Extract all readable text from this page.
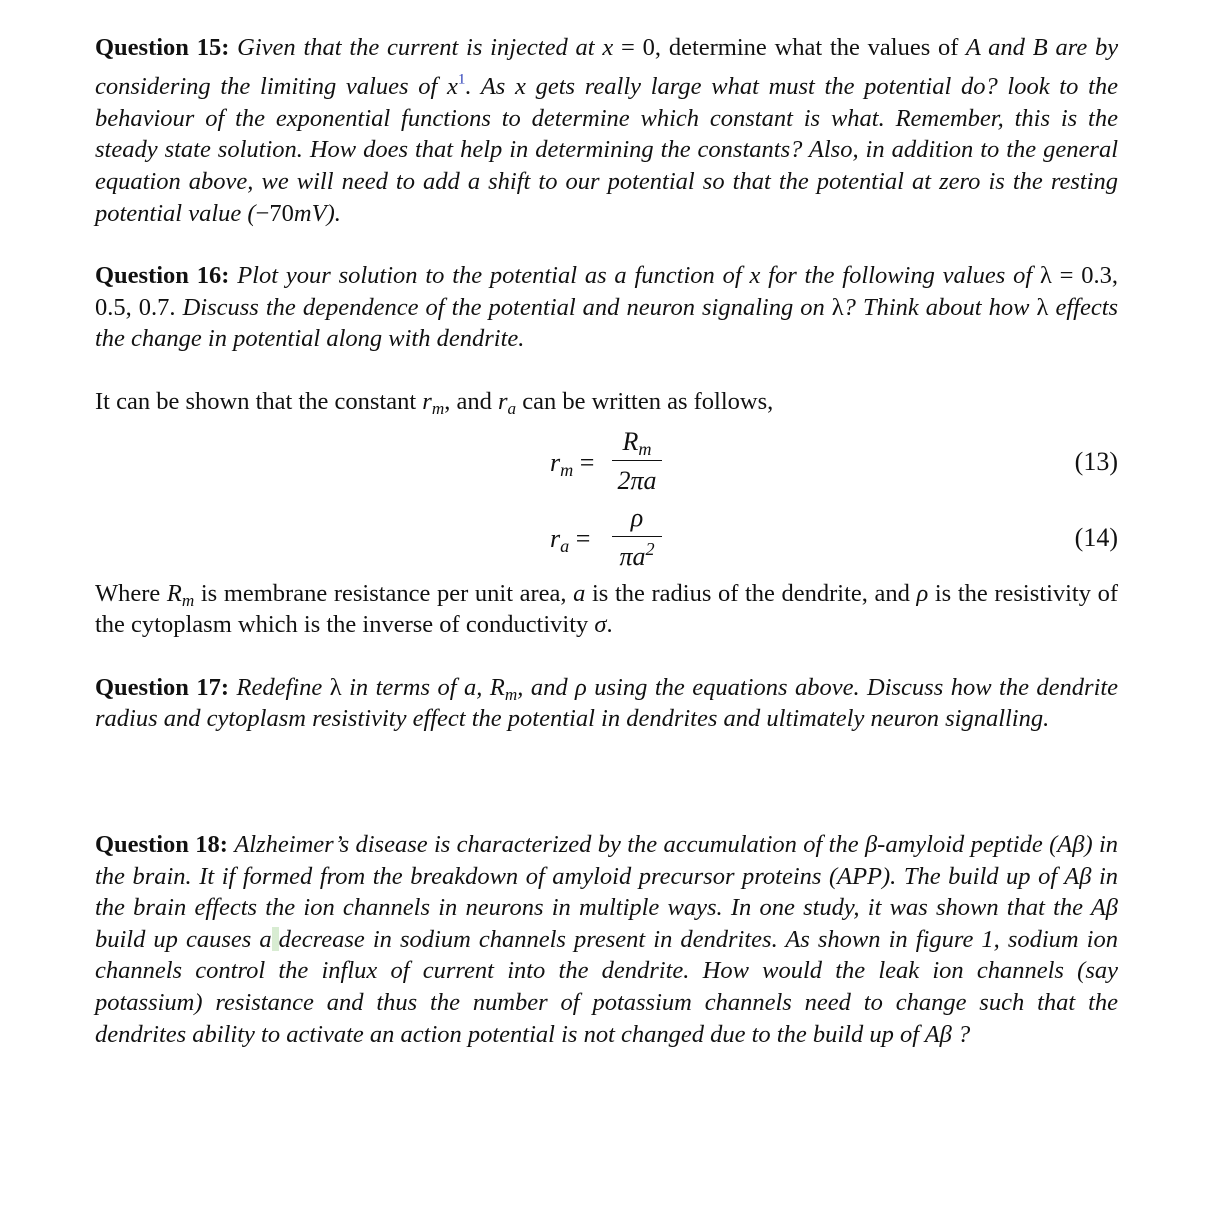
Question 15: Given that the current is injected at x = 0, determine what the values of A and B are by considering the limiting values of x$^1$. As x gets really large what must the potential do? look to the behaviour of the exponential functions to determine which constant is what. Remember, this is the steady state solution. How does that help in determining the constants? Also, in addition to the general equation above, we will need to add a shift to our potential so that the potential at zero is the resting potential value (−70mV).

Question 16: Plot your solution to the potential as a function of x for the following values of λ = 0.3, 0.5, 0.7. Discuss the dependence of the potential and neuron signaling on λ? Think about how λ effects the change in potential along with dendrite.

It can be shown that the constant $r_m$, and $r_a$ can be written as follows,

$r_m$ =
$R_m$
2πa
(13)
$r_a$ =
ρ
$\pi a^2$	(14)

Where $R_m$ is membrane resistance per unit area, a is the radius of the dendrite, and ρ is the resistivity of the cytoplasm which is the inverse of conductivity σ.

Question 17: Redefine λ in terms of a, $R_m$, and ρ using the equations above. Discuss how the dendrite radius and cytoplasm resistivity effect the potential in dendrites and ultimately neuron signalling.

Question 18: Alzheimer’s disease is characterized by the accumulation of the β-amyloid peptide (Aβ) in the brain. It if formed from the breakdown of amyloid precursor proteins (APP). The build up of Aβ in the brain effects the ion channels in neurons in multiple ways. In one study, it was shown that the Aβ build up causes a decrease in sodium channels present in dendrites. As shown in figure 1, sodium ion channels control the influx of current into the dendrite. How would the leak ion channels (say potassium) resistance and thus the number of potassium channels need to change such that the dendrites ability to activate an action potential is not changed due to the build up of Aβ ?
